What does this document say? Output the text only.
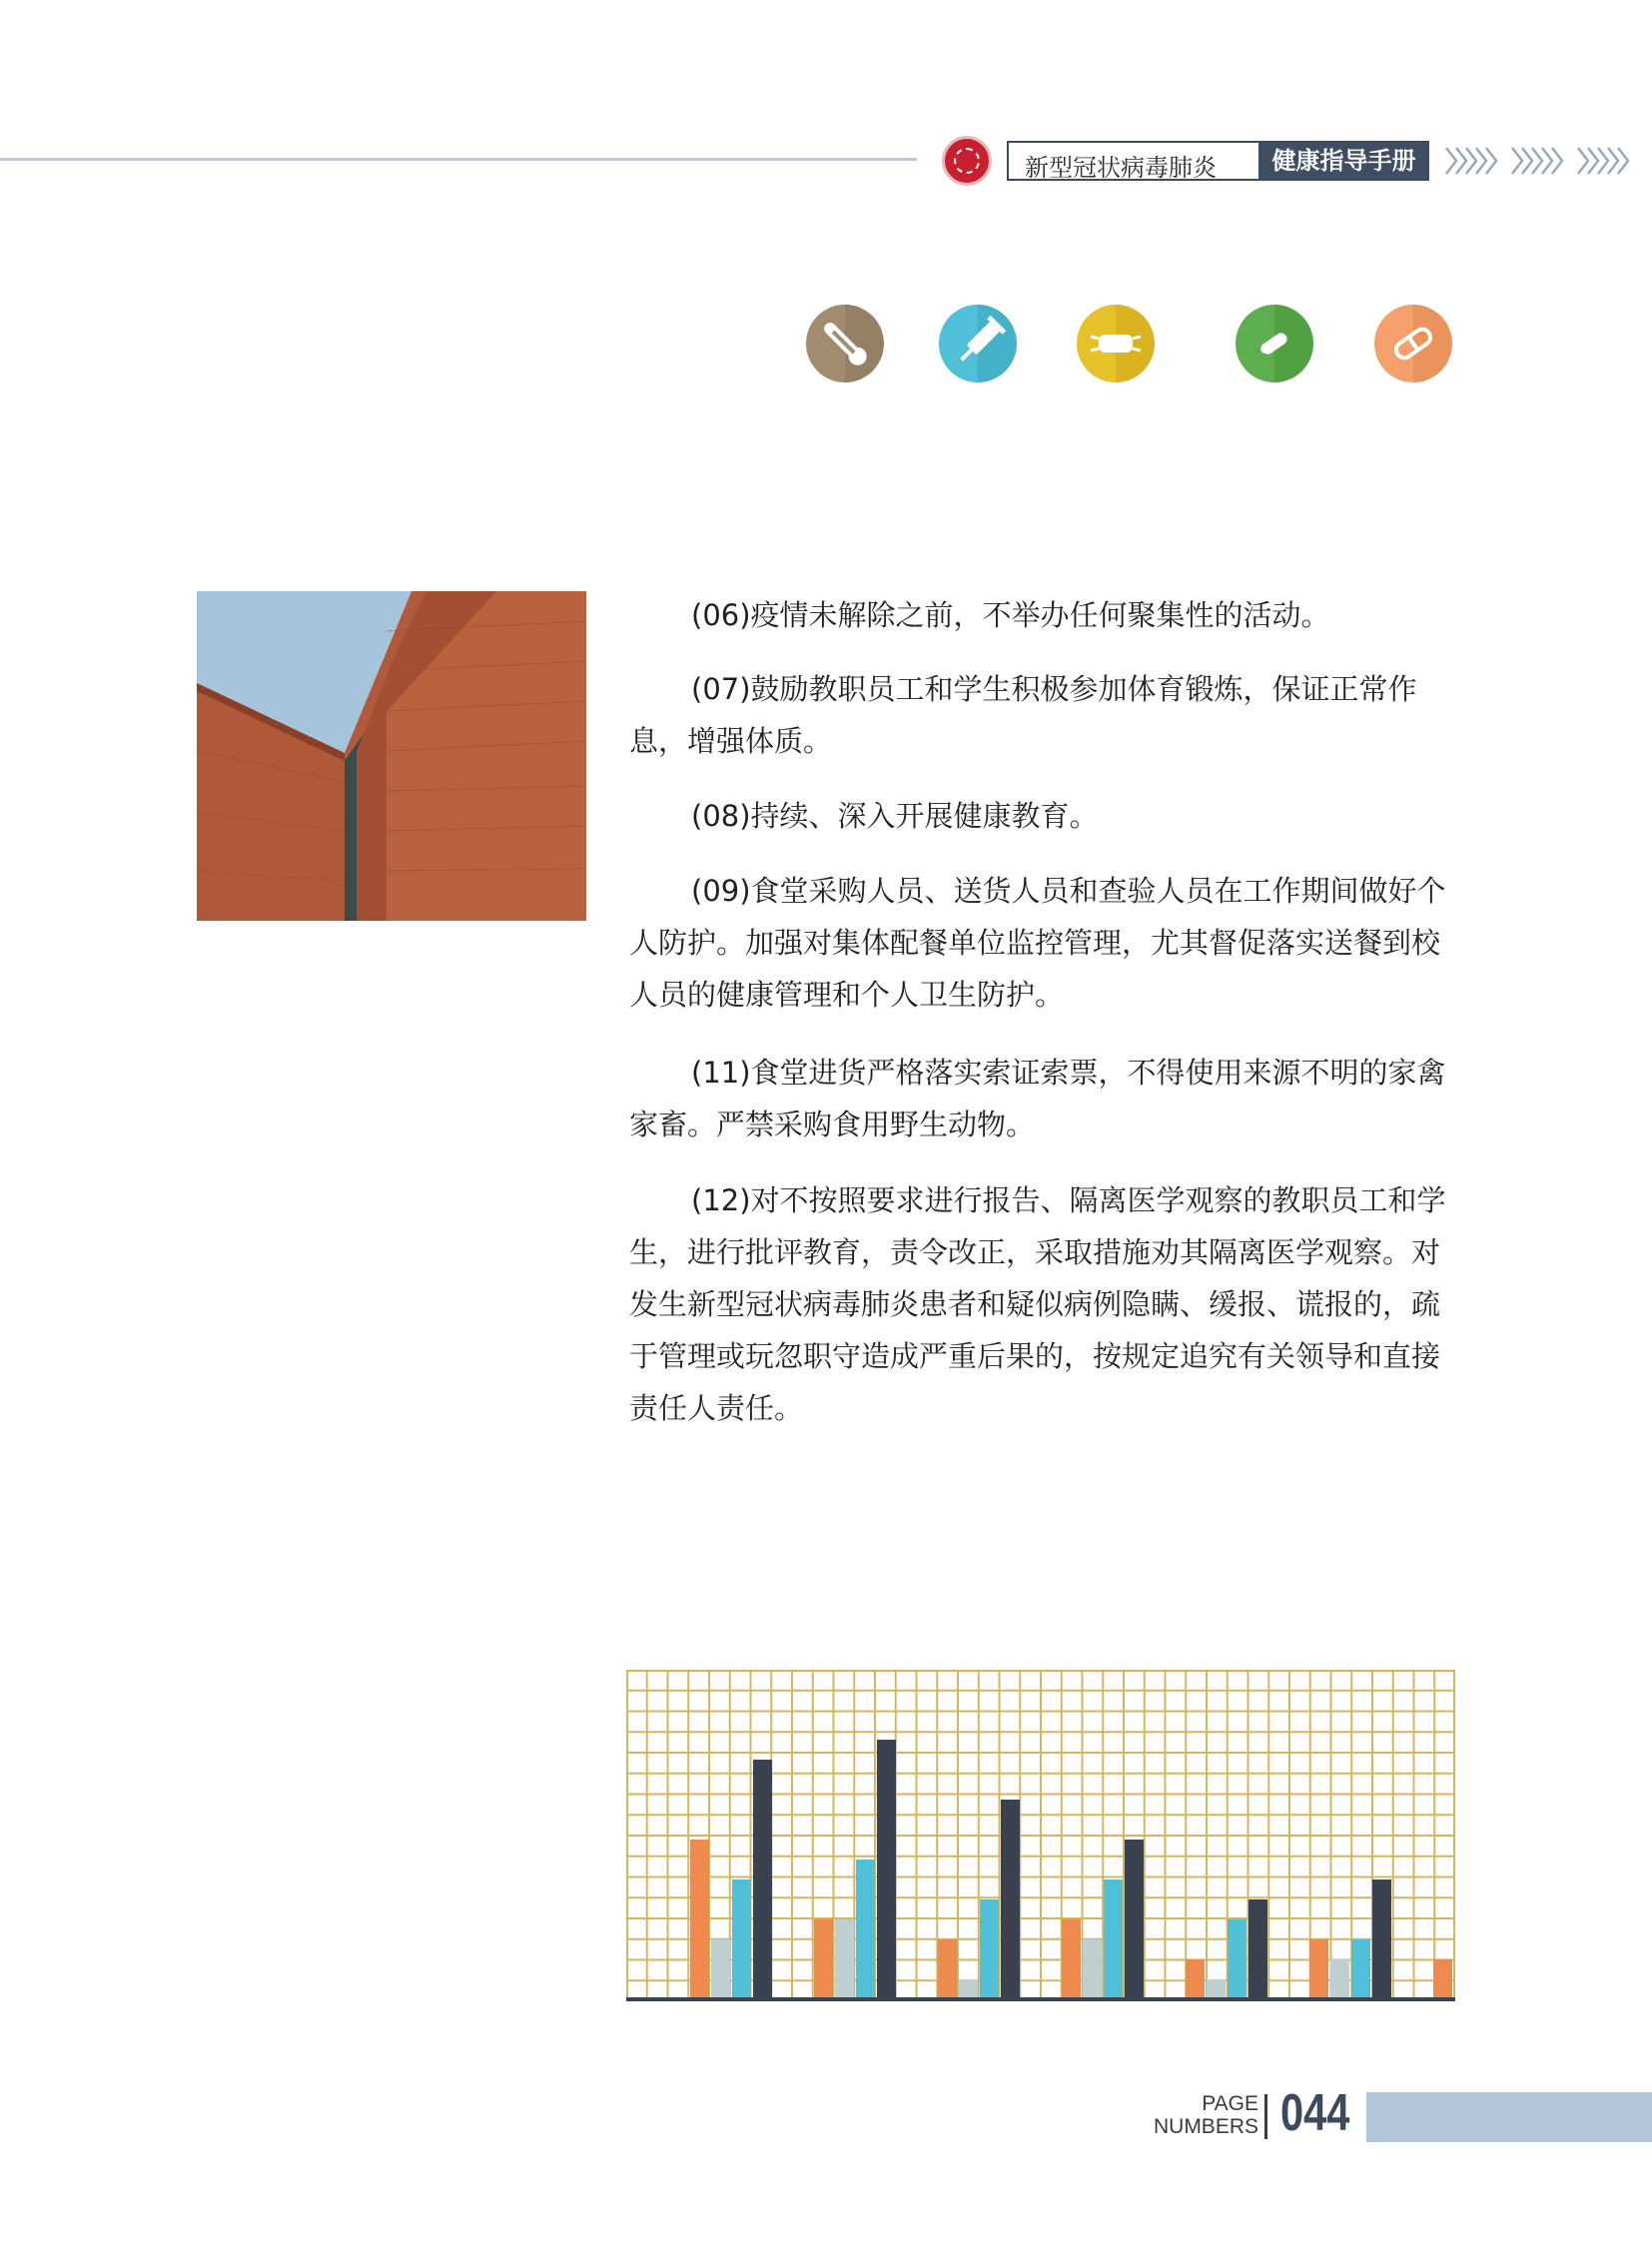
新型冠状病毒肺炎	健康指导手册

(06)疫情未解除之前，不举办任何聚集性的活动。

(07)鼓励教职员工和学生积极参加体育锻炼，保证正常作息，增强体质。

(08)持续、深入开展健康教育。

(09)食堂采购人员、送货人员和查验人员在工作期间做好个人防护。加强对集体配餐单位监控管理，尤其督促落实送餐到校人员的健康管理和个人卫生防护。

(11)食堂进货严格落实索证索票，不得使用来源不明的家禽家畜。严禁采购食用野生动物。

(12)对不按照要求进行报告、隔离医学观察的教职员工和学生，进行批评教育，责令改正，采取措施劝其隔离医学观察。对发生新型冠状病毒肺炎患者和疑似病例隐瞒、缓报、谎报的，疏于管理或玩忽职守造成严重后果的，按规定追究有关领导和直接责任人责任。

PAGE
NUMBERS 044
